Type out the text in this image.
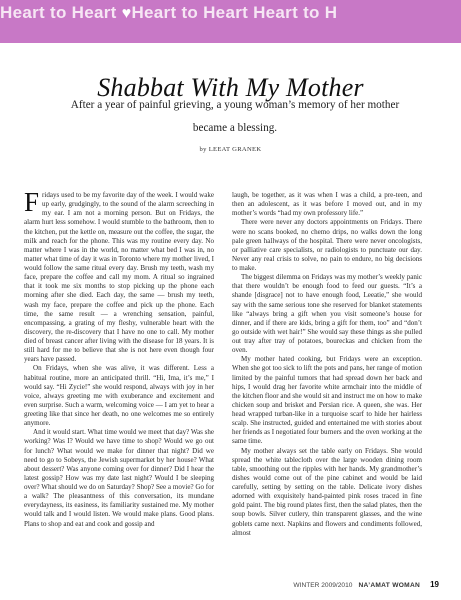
Heart to Heart ♥Heart to Heart Heart to H
Shabbat With My Mother
After a year of painful grieving, a young woman’s memory of her mother became a blessing.
by LEEAT GRANEK

Fridays used to be my favorite day of the week. I would wake up early, grudgingly, to the sound of the alarm screeching in my ear. I am not a morning person. But on Fridays, the alarm hurt less somehow. I would stumble to the bathroom, then to the kitchen, put the kettle on, measure out the coffee, the sugar, the milk and reach for the phone. This was my routine every day. No matter where I was in the world, no matter what bed I was in, no matter what time of day it was in Toronto where my mother lived, I would follow the same ritual every day. Brush my teeth, wash my face, prepare the coffee and call my mom. A ritual so ingrained that it took me six months to stop picking up the phone each morning after she died. Each day, the same — brush my teeth, wash my face, prepare the coffee and pick up the phone. Each time, the same result — a wrenching sensation, painful, encompassing, a grating of my fleshy, vulnerable heart with the discovery, the re-discovery that I have no one to call. My mother died of breast cancer after living with the disease for 18 years. It is still hard for me to believe that she is not here even though four years have passed.

On Fridays, when she was alive, it was different. Less a habitual routine, more an anticipated thrill. “Hi, Ima, it’s me,” I would say. “Hi Zycie!” she would respond, always with joy in her voice, always greeting me with exuberance and excitement and even surprise. Such a warm, welcoming voice — I am yet to hear a greeting like that since her death, no one welcomes me so entirely anymore.

And it would start. What time would we meet that day? Was she working? Was I? Would we have time to shop? Would we go out for lunch? What would we make for dinner that night? Did we need to go to Sobeys, the Jewish supermarket by her house? What about dessert? Was anyone coming over for dinner? Did I hear the latest gossip? How was my date last night? Would I be sleeping over? What should we do on Saturday? Shop? See a movie? Go for a walk? The pleasantness of this conversation, its mundane everydayness, its easiness, its familiarity sustained me. My mother would talk and I would listen. We would make plans. Good plans. Plans to shop and eat and cook and gossip and

laugh, be together, as it was when I was a child, a pre-teen, and then an adolescent, as it was before I moved out, and in my mother’s words “had my own professory life.”

There were never any doctors appointments on Fridays. There were no scans booked, no chemo drips, no walks down the long pale green hallways of the hospital. There were never oncologists, or palliative care specialists, or radiologists to punctuate our day. Never any real crisis to solve, no pain to endure, no big decisions to make.

The biggest dilemma on Fridays was my mother’s weekly panic that there wouldn’t be enough food to feed our guests. “It’s a shande [disgrace] not to have enough food, Leeatie,” she would say with the same serious tone she reserved for blanket statements like “always bring a gift when you visit someone’s house for dinner, and if there are kids, bring a gift for them, too” and “don’t go outside with wet hair!” She would say these things as she pulled out tray after tray of potatoes, boureckas and chicken from the oven.

My mother hated cooking, but Fridays were an exception. When she got too sick to lift the pots and pans, her range of motion limited by the painful tumors that had spread down her back and hips, I would drag her favorite white armchair into the middle of the kitchen floor and she would sit and instruct me on how to make chicken soup and brisket and Persian rice. A queen, she was. Her head wrapped turban-like in a turquoise scarf to hide her hairless scalp. She instructed, guided and entertained me with stories about her friends as I negotiated four burners and the oven working at the same time.

My mother always set the table early on Fridays. She would spread the white tablecloth over the large wooden dining room table, smoothing out the ripples with her hands. My grandmother’s dishes would come out of the pine cabinet and would be laid carefully, setting by setting on the table. Delicate ivory dishes adorned with exquisitely hand-painted pink roses traced in fine gold paint. The big round plates first, then the salad plates, then the soup bowls. Silver cutlery, thin transparent glasses, and the wine goblets came next. Napkins and flowers and condiments followed, almost

WINTER 2009/2010 NA’AMAT WOMAN 19
